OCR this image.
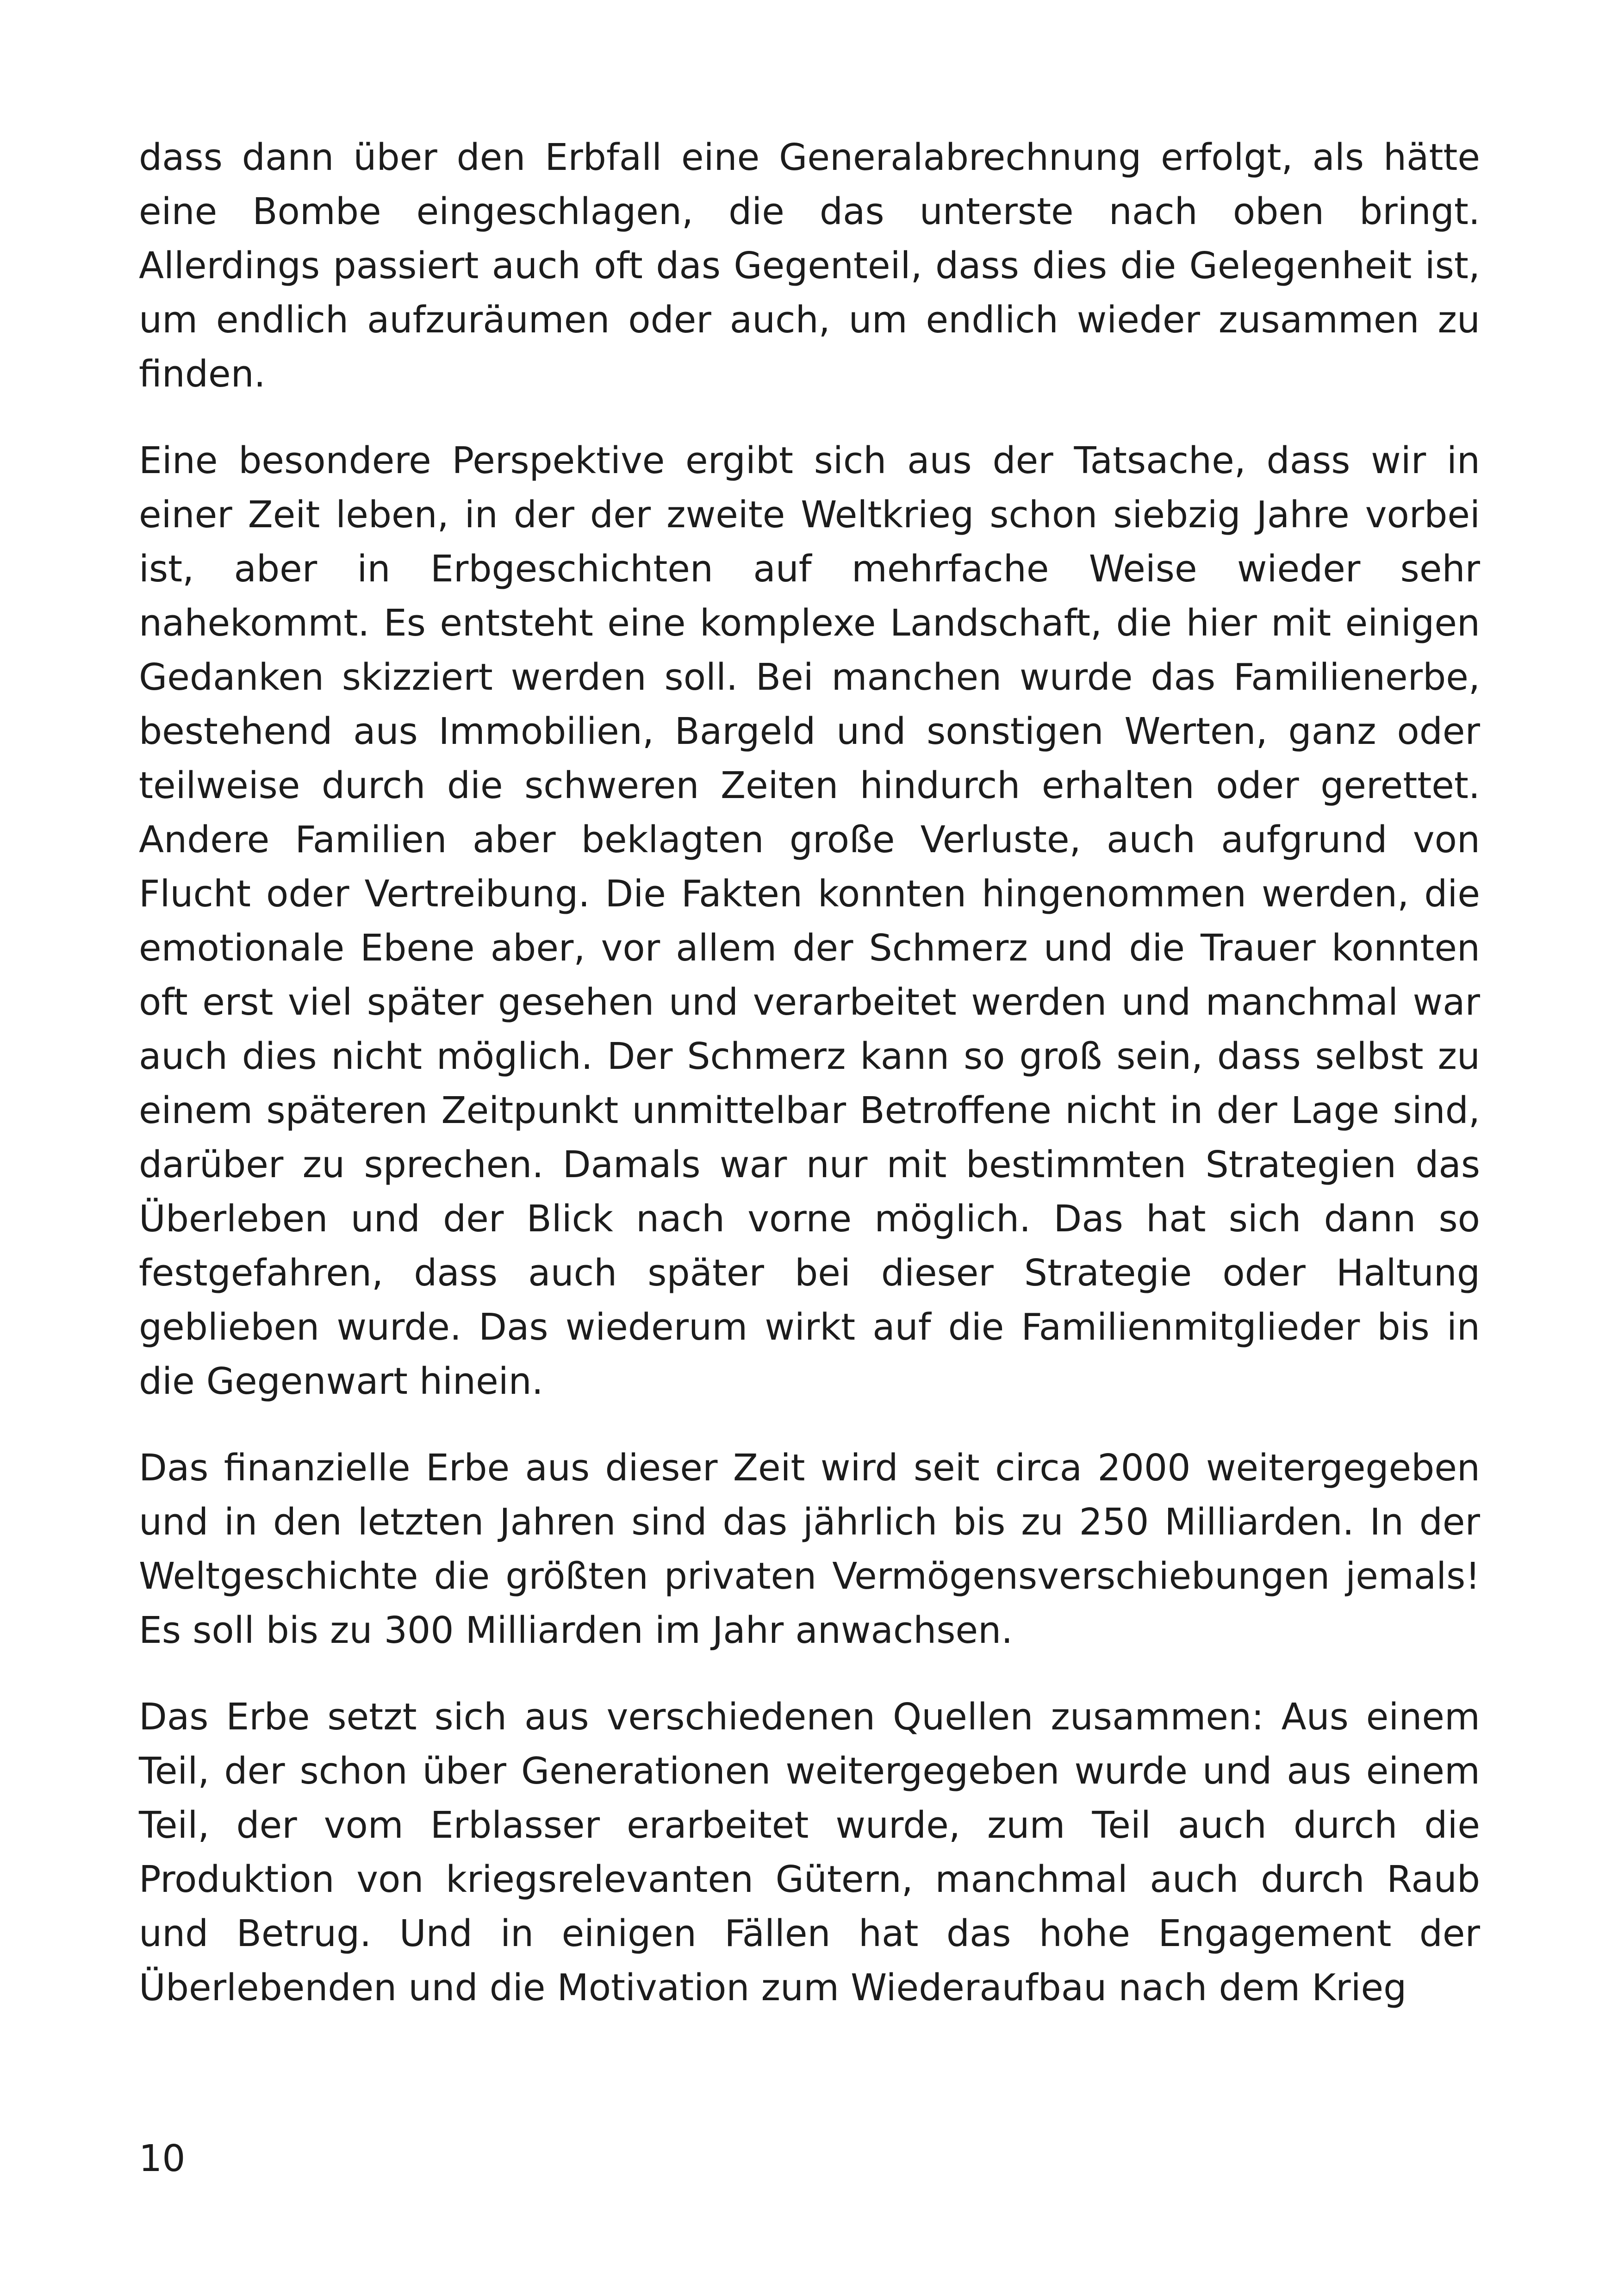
dass dann über den Erbfall eine Generalabrechnung erfolgt, als hätte eine Bombe eingeschlagen, die das unterste nach oben bringt. Allerdings passiert auch oft das Gegenteil, dass dies die Gelegenheit ist, um endlich aufzuräumen oder auch, um endlich wieder zusammen zu finden.

Eine besondere Perspektive ergibt sich aus der Tatsache, dass wir in einer Zeit leben, in der der zweite Weltkrieg schon siebzig Jahre vorbei ist, aber in Erbgeschichten auf mehrfache Weise wieder sehr nahekommt. Es entsteht eine komplexe Landschaft, die hier mit einigen Gedanken skizziert werden soll. Bei manchen wurde das Familienerbe, bestehend aus Immobilien, Bargeld und sonstigen Werten, ganz oder teilweise durch die schweren Zeiten hindurch erhalten oder gerettet. Andere Familien aber beklagten große Verluste, auch aufgrund von Flucht oder Vertreibung. Die Fakten konnten hingenommen werden, die emotionale Ebene aber, vor allem der Schmerz und die Trauer konnten oft erst viel später gesehen und verarbeitet werden und manchmal war auch dies nicht möglich. Der Schmerz kann so groß sein, dass selbst zu einem späteren Zeitpunkt unmittelbar Betroffene nicht in der Lage sind, darüber zu sprechen. Damals war nur mit bestimmten Strategien das Überleben und der Blick nach vorne möglich. Das hat sich dann so festgefahren, dass auch später bei dieser Strategie oder Haltung geblieben wurde. Das wiederum wirkt auf die Familienmitglieder bis in die Gegenwart hinein.

Das finanzielle Erbe aus dieser Zeit wird seit circa 2000 weitergegeben und in den letzten Jahren sind das jährlich bis zu 250 Milliarden. In der Weltgeschichte die größten privaten Vermögensverschiebungen jemals! Es soll bis zu 300 Milliarden im Jahr anwachsen.

Das Erbe setzt sich aus verschiedenen Quellen zusammen: Aus einem Teil, der schon über Generationen weitergegeben wurde und aus einem Teil, der vom Erblasser erarbeitet wurde, zum Teil auch durch die Produktion von kriegsrelevanten Gütern, manchmal auch durch Raub und Betrug. Und in einigen Fällen hat das hohe Engagement der Überlebenden und die Motivation zum Wiederaufbau nach dem Krieg

10
